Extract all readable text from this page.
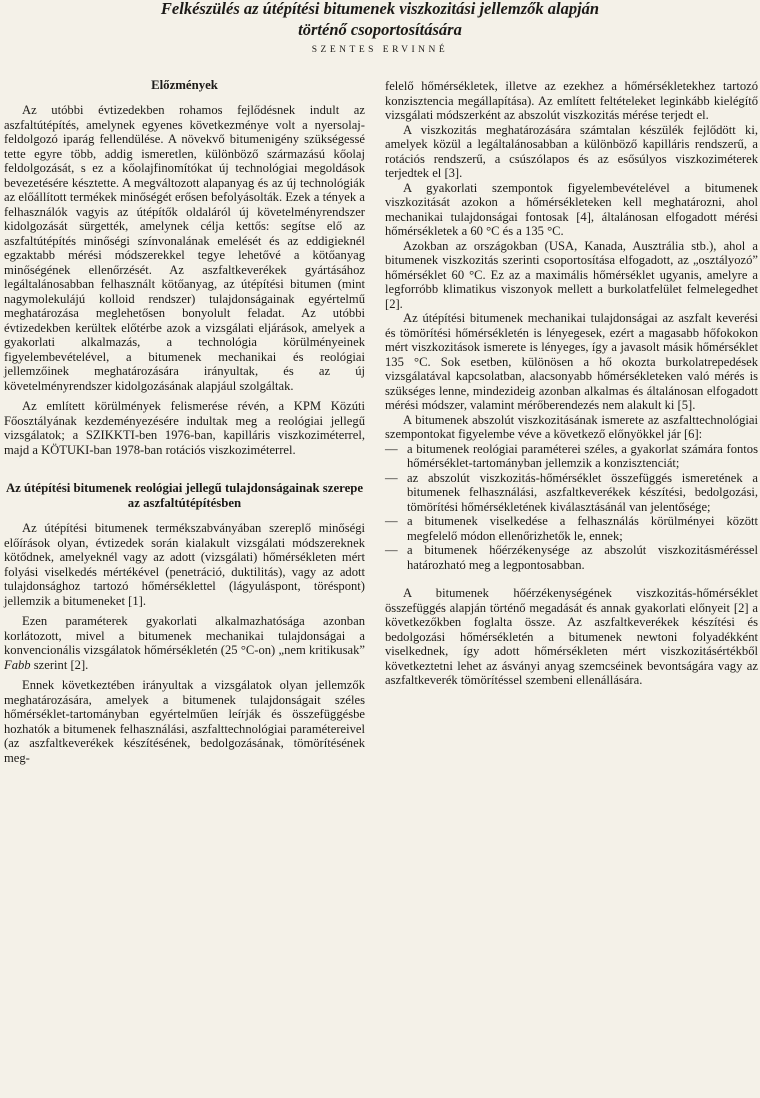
Felkészülés az útépítési bitumenek viszkozitási jellemzők alapján
történő csoportosítására
SZENTES ERVINNÉ
Előzmények

Az utóbbi évtizedekben rohamos fejlődésnek indult az aszfaltútépítés, amelynek egyenes következménye volt a nyersolaj-feldolgozó iparág fellendülése. A növekvő bitumenigény szükségessé tette egyre több, addig ismeretlen, különböző származású kőolaj feldolgozását, s ez a kőolajfinomítókat új technológiai megoldások bevezetésére késztette. A megváltozott alapanyag és az új technológiák az előállított termékek minőségét erősen befolyásolták. Ezek a tények a felhasználók vagyis az útépítők oldaláról új követelményrendszer kidolgozását sürgették, amelynek célja kettős: segítse elő az aszfaltútépítés minőségi színvonalának emelését és az eddigieknél egzaktabb mérési módszerekkel tegye lehetővé a kötőanyag minőségének ellenőrzését. Az aszfaltkeverékek gyártásához legáltalánosabban felhasznált kötőanyag, az útépítési bitumen (mint nagymolekulájú kolloid rendszer) tulajdonságainak egyértelmű meghatározása meglehetősen bonyolult feladat. Az utóbbi évtizedekben kerültek előtérbe azok a vizsgálati eljárások, amelyek a gyakorlati alkalmazás, a technológia körülményeinek figyelembevételével, a bitumenek mechanikai és reológiai jellemzőinek meghatározására irányultak, és az új követelményrendszer kidolgozásának alapjául szolgáltak.

Az említett körülmények felismerése révén, a KPM Közúti Főosztályának kezdeményezésére indultak meg a reológiai jellegű vizsgálatok; a SZIKKTI-ben 1976-ban, kapilláris viszkoziméterrel, majd a KÖTUKI-ban 1978-ban rotációs viszkoziméterrel.

Az útépítési bitumenek reológiai jellegű tulajdonságainak szerepe az aszfaltútépítésben

Az útépítési bitumenek termékszabványában szereplő minőségi előírások olyan, évtizedek során kialakult vizsgálati módszereknek kötődnek, amelyeknél vagy az adott (vizsgálati) hőmérsékleten mért folyási viselkedés mértékével (penetráció, duktilitás), vagy az adott tulajdonsághoz tartozó hőmérséklettel (lágyuláspont, töréspont) jellemzik a bitumeneket [1].

Ezen paraméterek gyakorlati alkalmazhatósága azonban korlátozott, mivel a bitumenek mechanikai tulajdonságai a konvencionális vizsgálatok hőmérsékletén (25 °C-on) „nem kritikusak” Fabb szerint [2].

Ennek következtében irányultak a vizsgálatok olyan jellemzők meghatározására, amelyek a bitumenek tulajdonságait széles hőmérséklet-tartományban egyértelműen leírják és összefüggésbe hozhatók a bitumenek felhasználási, aszfalttechnológiai paramétereivel (az aszfaltkeverékek készítésének, bedolgozásának, tömörítésének meg-

felelő hőmérsékletek, illetve az ezekhez a hőmérsékletekhez tartozó konzisztencia megállapítása). Az említett feltételeket leginkább kielégítő vizsgálati módszerként az abszolút viszkozitás mérése terjedt el.

A viszkozitás meghatározására számtalan készülék fejlődött ki, amelyek közül a legáltalánosabban a különböző kapilláris rendszerű, a rotációs rendszerű, a csúszólapos és az esősúlyos viszkoziméterek terjedtek el [3].

A gyakorlati szempontok figyelembevételével a bitumenek viszkozitását azokon a hőmérsékleteken kell meghatározni, ahol mechanikai tulajdonságai fontosak [4], általánosan elfogadott mérési hőmérsékletek a 60 °C és a 135 °C.

Azokban az országokban (USA, Kanada, Ausztrália stb.), ahol a bitumenek viszkozitás szerinti csoportosítása elfogadott, az „osztályozó” hőmérséklet 60 °C. Ez az a maximális hőmérséklet ugyanis, amelyre a legforróbb klimatikus viszonyok mellett a burkolatfelület felmelegedhet [2].

Az útépítési bitumenek mechanikai tulajdonságai az aszfalt keverési és tömörítési hőmérsékletén is lényegesek, ezért a magasabb hőfokokon mért viszkozitások ismerete is lényeges, így a javasolt másik hőmérséklet 135 °C. Sok esetben, különösen a hő okozta burkolatrepedések vizsgálatával kapcsolatban, alacsonyabb hőmérsékleteken való mérés is szükséges lenne, mindezideig azonban alkalmas és általánosan elfogadott mérési módszer, valamint mérőberendezés nem alakult ki [5].

A bitumenek abszolút viszkozitásának ismerete az aszfalttechnológiai szempontokat figyelembe véve a következő előnyökkel jár [6]:

— a bitumenek reológiai paraméterei széles, a gyakorlat számára fontos hőmérséklet-tartományban jellemzik a konzisztenciát;
— az abszolút viszkozitás-hőmérséklet összefüggés ismeretének a bitumenek felhasználási, aszfaltkeverékek készítési, bedolgozási, tömörítési hőmérsékletének kiválasztásánál van jelentősége;
— a bitumenek viselkedése a felhasználás körülményei között megfelelő módon ellenőrizhetők le, ennek;
— a bitumenek hőérzékenysége az abszolút viszkozitásméréssel határozható meg a legpontosabban.

A bitumenek hőérzékenységének viszkozitás-hőmérséklet összefüggés alapján történő megadását és annak gyakorlati előnyeit [2] a következőkben foglalta össze. Az aszfaltkeverékek készítési és bedolgozási hőmérsékletén a bitumenek newtoni folyadékként viselkednek, így adott hőmérsékleten mért viszkozitásértékből következtetni lehet az ásványi anyag szemcséinek bevontságára vagy az aszfaltkeverék tömörítéssel szembeni ellenállására.
